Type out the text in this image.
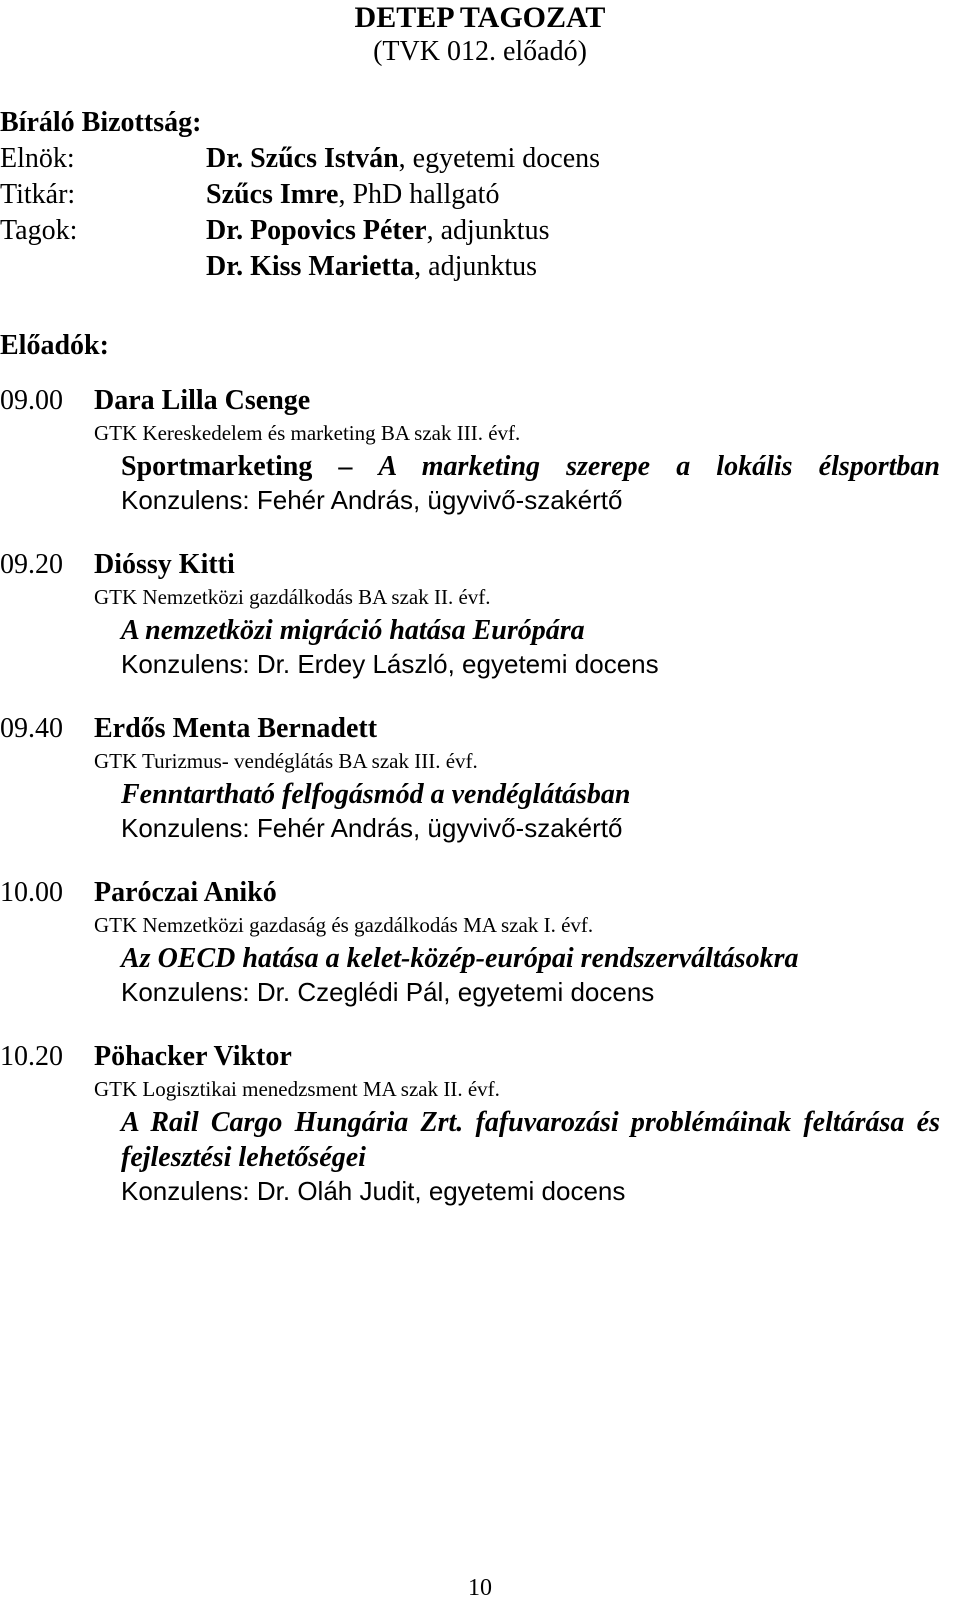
DETEP TAGOZAT
(TVK 012. előadó)
Bíráló Bizottság:
Elnök:	Dr. Szűcs István, egyetemi docens
Titkár:	Szűcs Imre, PhD hallgató
Tagok:	Dr. Popovics Péter, adjunktus
Dr. Kiss Marietta, adjunktus
Előadók:
09.00 Dara Lilla Csenge
GTK Kereskedelem és marketing BA szak III. évf.
Sportmarketing – A marketing szerepe a lokális élsportban
Konzulens: Fehér András, ügyvivő-szakértő
09.20 Dióssy Kitti
GTK Nemzetközi gazdálkodás BA szak II. évf.
A nemzetközi migráció hatása Európára
Konzulens: Dr. Erdey László, egyetemi docens
09.40 Erdős Menta Bernadett
GTK Turizmus- vendéglátás BA szak III. évf.
Fenntartható felfogásmód a vendéglátásban
Konzulens: Fehér András, ügyvivő-szakértő
10.00 Paróczai Anikó
GTK Nemzetközi gazdaság és gazdálkodás MA szak I. évf.
Az OECD hatása a kelet-közép-európai rendszerváltásokra
Konzulens: Dr. Czeglédi Pál, egyetemi docens
10.20 Pöhacker Viktor
GTK Logisztikai menedzsment MA szak II. évf.
A Rail Cargo Hungária Zrt. fafuvarozási problémáinak feltárása és fejlesztési lehetőségei
Konzulens: Dr. Oláh Judit, egyetemi docens
10
